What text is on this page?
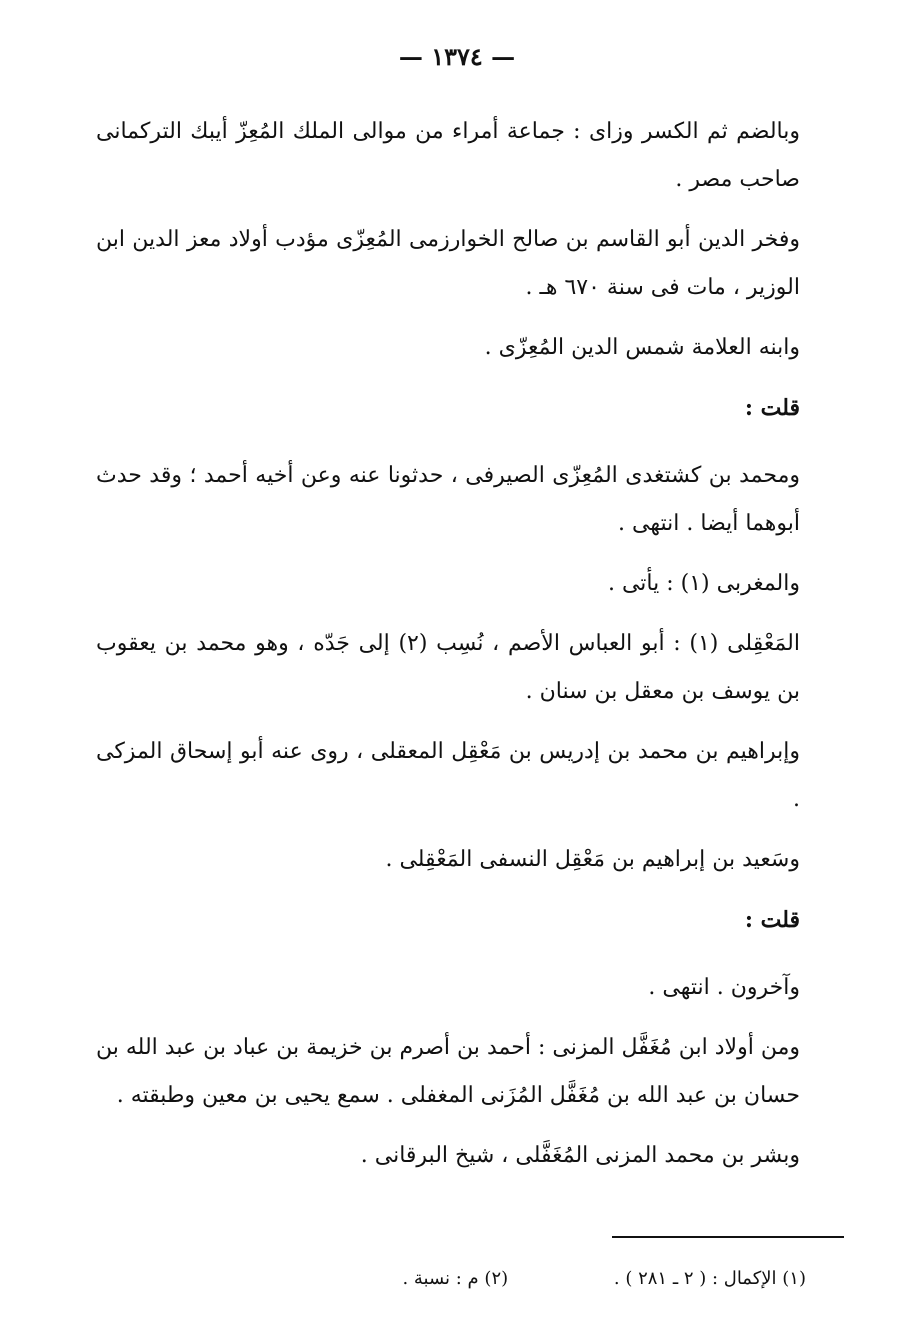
— ١٣٧٤ —

وبالضم ثم الكسر وزاى : جماعة أمراء من موالى الملك المُعِزّ أيبك التركمانى صاحب مصر .

وفخر الدين أبو القاسم بن صالح الخوارزمى المُعِزّى مؤدب أولاد معز الدين ابن الوزير ، مات فى سنة ٦٧٠ هـ .

وابنه العلامة شمس الدين المُعِزّى .

قلت :

ومحمد بن كشتغدى المُعِزّى الصيرفى ، حدثونا عنه وعن أخيه أحمد ؛ وقد حدث أبوهما أيضا . انتهى .

والمغربى (١) : يأتى .

المَعْقِلى (١) : أبو العباس الأصم ، نُسِب (٢) إلى جَدّه ، وهو محمد بن يعقوب بن يوسف بن معقل بن سنان .

وإبراهيم بن محمد بن إدريس بن مَعْقِل المعقلى ، روى عنه أبو إسحاق المزكى .

وسَعيد بن إبراهيم بن مَعْقِل النسفى المَعْقِلى .

قلت :

وآخرون . انتهى .

ومن أولاد ابن مُغَفَّل المزنى : أحمد بن أصرم بن خزيمة بن عباد بن عبد الله بن حسان بن عبد الله بن مُغَفَّل المُزَنى المغفلى . سمع يحيى بن معين وطبقته .

وبشر بن محمد المزنى المُغَفَّلى ، شيخ البرقانى .

(١) الإكمال : ( ٢ ـ ٢٨١ ) . (٢) م : نسبة .
